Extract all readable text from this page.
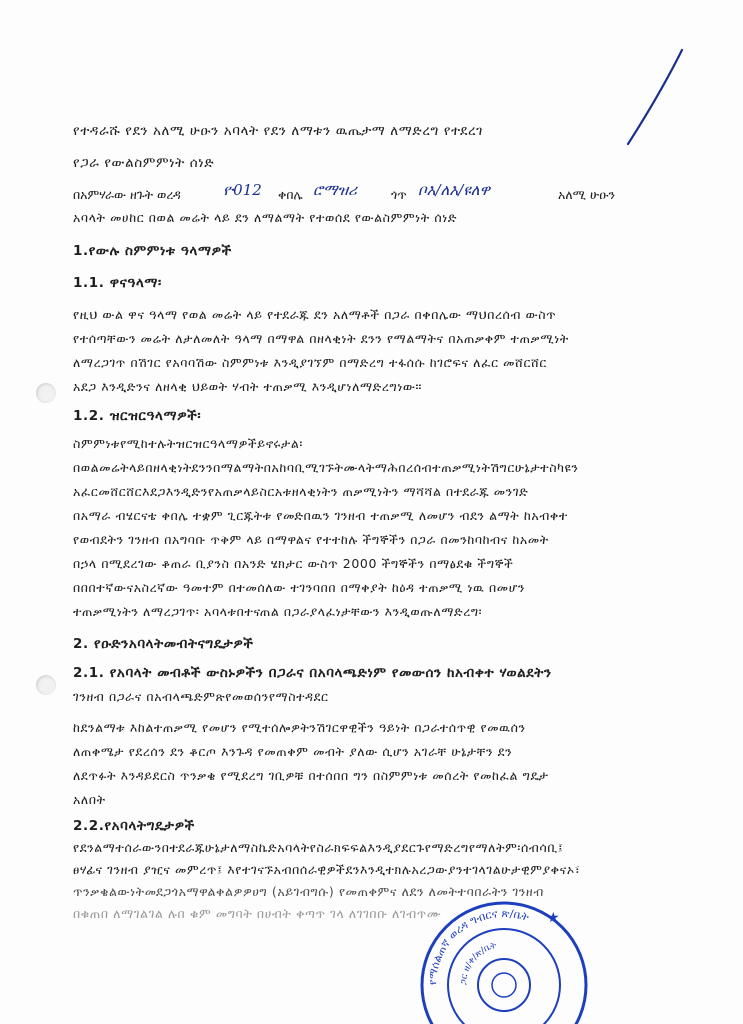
የተዳራሹ የደን አለሚ ሁዑን አባላት የደን ለማቱን ዉጤታማ ለማድረግ የተደረገ
የጋራ የውልስምምነት ሰነድ
በአምሃራው ዘጉት ወረዳ	ዮ012 ቀበሌ ሮማዝሪ	ጎጥ ቦእ/ለእ/ዩለዋ	አለሚ ሁዑን
አባላት መሀከር በወል መሬት ላይ ደን ለማልማት የተወሰደ የውልስምምነት ሰነድ
1.የውሉ ስምምነቱ ዓላማዎች
1.1. ዋናዓላማ፡
የዚህ ውል ዋና ዓላማ የወል መሬት ላይ የተደራጁ ደን አለማቶች በጋራ በቀበሌው ማህበረሰብ ውስጥ
የተሰጣቸውን መሬት ለታለመለት ዓላማ በማዋል በዘላቂነት ደንን የማልማትና በአጠቃቀም ተጠቃሚነት
ለማረጋገጥ በሽገር የአባባሽው ስምምነቱ እንዲያገኘም በማድረግ ተፋሰሱ ከገሮፍና ለፈር መሸርሸር
አደጋ እንዲድንና ለዘላቂ ህይወት ሃብት ተጠቃሚ እንዲሆነለማድረግነው።
1.2. ዝርዝርዓላማዎች፡
ስምምነቱየሚከተሉትዝርዝርዓላማዎችይኖሩታል፡
በወልመሬትላይበዘላቂነትደንንበማልማትበአከባቢሚገኙትሙላትማሕበረሰብተጠቃሚነትሽግርሁኔታተስካዩን
አፈርመሸርሸርእደጋእንዲድንየአጠቃላይስርአቱዘላቂነትን ጠቃሚነትን ማሻሻል በተደራጁ መንገድ
በአማራ ብሄርናቴ ቀበሌ ተቋም ጊርጁትቱ የመድበዉን ገንዘብ ተጠቃሚ ለመሆን ብደን ልማት ከአብቀተ
የወብደትን ገንዘብ በአግባቡ ጥቅም ላይ በማዋልና የተተከሉ ችግኞችን በጋራ በመንከባከብና ከአመት
በኃላ በሚደረገው ቆጠራ ቢያንስ በአንድ ሄክታር ውስጥ 2000 ችግኞችን በማፅደቁ ችግኞች
በበበተኛውናአስረኛው ዓመተም በተመሰለው ተገንባበበ በማቀያት ከዕዳ ተጠቃሚ ነዉ በመሆን
ተጠቃሚነትን ለማረጋገጥ፡ አባላቱበተናጠል በጋራያላፈነታቸውን እንዲወጡለማድረግ፡
2. የዑድንአባላትመብትናግዴታዎች
2.1. የአባላት መብቶች ውስኑዎችን በጋራና በአባላጫድነም የመውሰን ከአብቀተ ሃወልደትን
ገንዘብ በጋራና በአብላጫድምጽየመወሰንየማስተዳደር
ከደንልማቱ እከልተጠቃሚ የመሆን የሚተሰሎዎትንሽገርዋዊችን ዓይነት በጋራተሰጥዊ የመዉሰን
ለጠቀሜታ የደረሰን ደን ቆርጦ እንጉዳ የመጠቀም መብት ያለው ሲሆን አገራቸ ሁኔታቸን ደን
ለደጥፉት እንዳይደርስ ጥንቃቄ የሚደረግ ገቢዎቹ በተሰበበ ግን በስምምነቱ መሰረት የመከፈል ግዴታ
አለበት
2.2.የአባላትግዴታዎች
የደንልማተሰራውንበተደራጁሁኔታለማስኬድአባላትየስራክፍፍልእንዲያደርጉየማድረግየማለትም፡ሰብሳቢ፤
ፀሃፊና ገንዘብ ያዢና መምረጥ፤ እየተገናኙአብበሰራዊዎችደንእንዲተክሉአረጋውያንተገላገልሁታዊምያቀናኦ፣
ጥንቃቄልውነትመደጋጎአማዋልቀልዎዎሀግ (አይገብግሱ) የመጠቀምና ለደን ለመትተባበራትን ገንዘብ
በቁጠበ ለማገልገል ሉበ ቁም መግባት በሀብት ቀጣጥ ገላ ለገገበቡ ለገብጥሙ
የማሰልጠኛ ወረዳ ግብርና ጽ/ቤት
ጋር ዘ/ቀ/ጽ/ቤት
★
